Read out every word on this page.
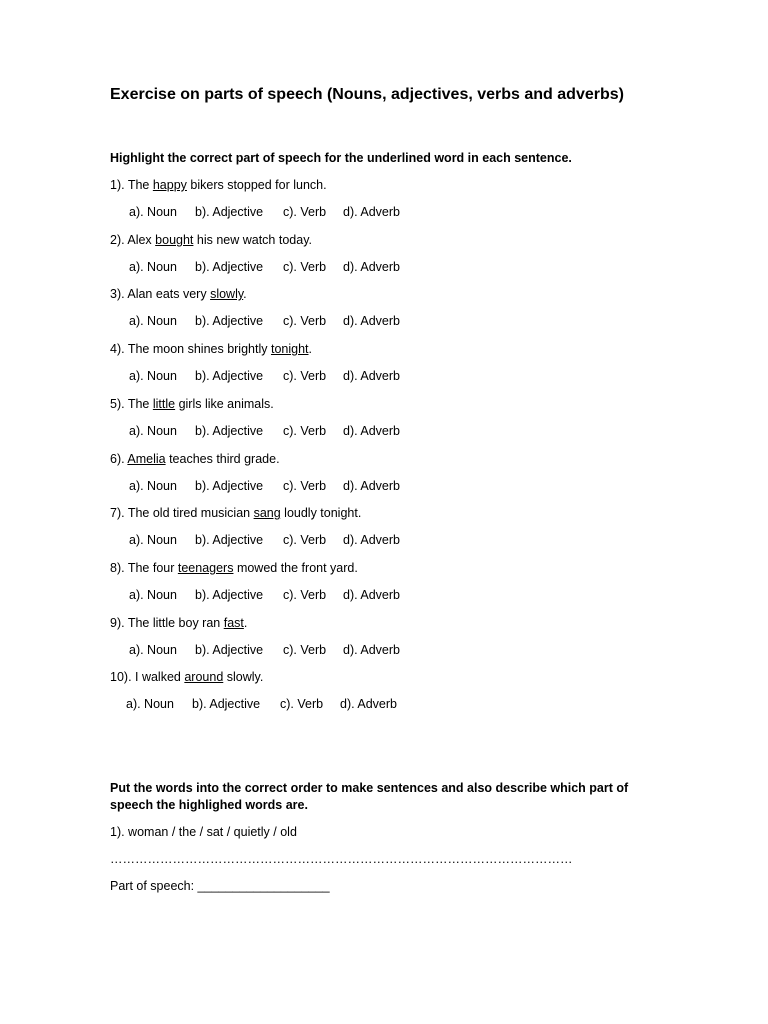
Exercise on parts of speech (Nouns, adjectives, verbs and adverbs)
Highlight the correct part of speech for the underlined word in each sentence.
1). The happy bikers stopped for lunch.
a). Noun b). Adjective c). Verb d). Adverb
2). Alex bought his new watch today.
a). Noun b). Adjective c). Verb d). Adverb
3). Alan eats very slowly.
a). Noun b). Adjective c). Verb d). Adverb
4). The moon shines brightly tonight.
a). Noun b). Adjective c). Verb d). Adverb
5). The little girls like animals.
a). Noun b). Adjective c). Verb d). Adverb
6). Amelia teaches third grade.
a). Noun b). Adjective c). Verb d). Adverb
7). The old tired musician sang loudly tonight.
a). Noun b). Adjective c). Verb d). Adverb
8). The four teenagers mowed the front yard.
a). Noun b). Adjective c). Verb d). Adverb
9). The little boy ran fast.
a). Noun b). Adjective c). Verb d). Adverb
10). I walked around slowly.
a). Noun b). Adjective c). Verb d). Adverb
Put the words into the correct order to make sentences and also describe which part of speech the highlighed words are.
1). woman / the / sat / quietly / old
…………………………………………………………………………………………………
Part of speech: ___________________
